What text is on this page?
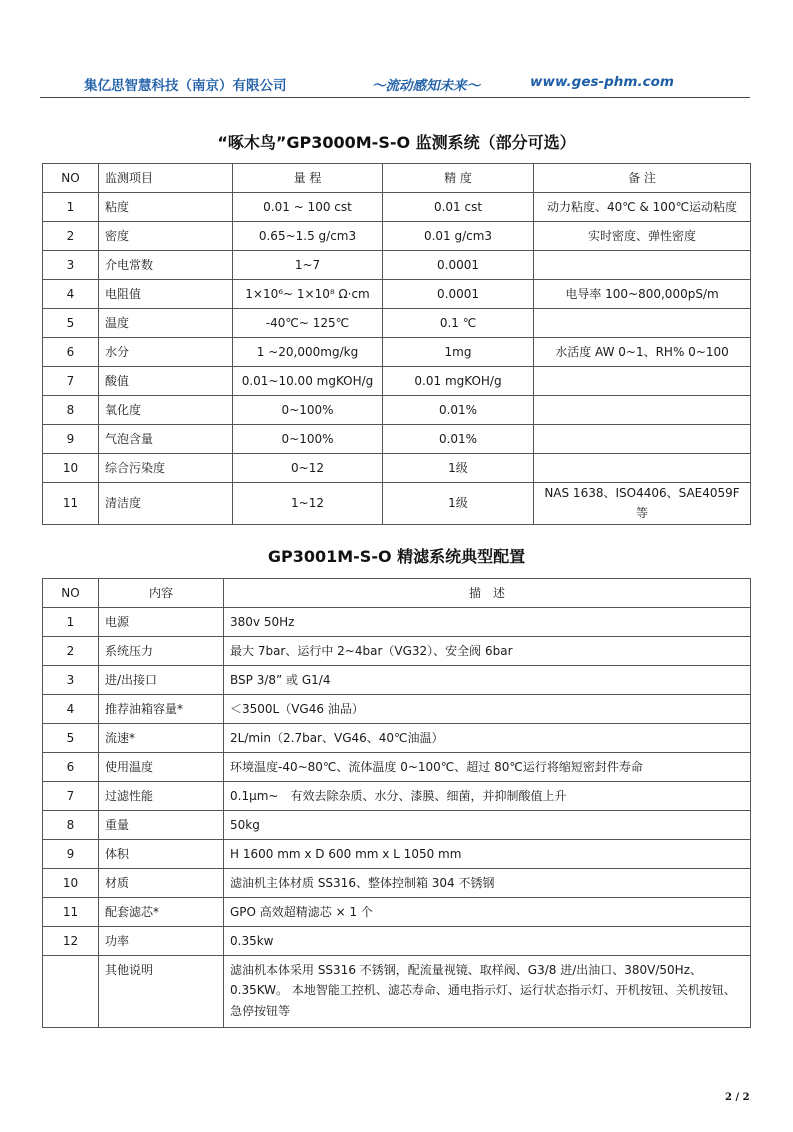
集亿思智慧科技（南京）有限公司	～流动感知未来～	www.ges-phm.com
“啄木鸟”GP3000M-S-O 监测系统（部分可选）
NO	监测项目	量 程	精 度	备 注
1	粘度	0.01 ~ 100 cst	0.01 cst	动力粘度、40℃ & 100℃运动粘度
2	密度	0.65~1.5 g/cm3	0.01 g/cm3	实时密度、弹性密度
3	介电常数	1~7	0.0001	
4	电阻值	1×10⁶~ 1×10⁸ Ω·cm	0.0001	电导率 100~800,000pS/m
5	温度	-40℃~ 125℃	0.1 ℃	
6	水分	1 ~20,000mg/kg	1mg	水活度 AW 0~1、RH% 0~100
7	酸值	0.01~10.00 mgKOH/g	0.01 mgKOH/g	
8	氧化度	0~100%	0.01%	
9	气泡含量	0~100%	0.01%	
10	综合污染度	0~12	1级	
11	清洁度	1~12	1级	NAS 1638、ISO4406、SAE4059F 等
GP3001M-S-O 精滤系统典型配置
NO	内容	描　述
1	电源	380v 50Hz
2	系统压力	最大 7bar、运行中 2~4bar（VG32）、安全阀 6bar
3	进/出接口	BSP 3/8” 或 G1/4
4	推荐油箱容量*	＜3500L（VG46 油品）
5	流速*	2L/min（2.7bar、VG46、40℃油温）
6	使用温度	环境温度-40~80℃、流体温度 0~100℃、超过 80℃运行将缩短密封件寿命
7	过滤性能	0.1μm~　有效去除杂质、水分、漆膜、细菌，并抑制酸值上升
8	重量	50kg
9	体积	H 1600 mm x D 600 mm x L 1050 mm
10	材质	滤油机主体材质 SS316、整体控制箱 304 不锈钢
11	配套滤芯*	GPO 高效超精滤芯 × 1 个
12	功率	0.35kw
	其他说明	滤油机本体采用 SS316 不锈钢，配流量视镜、取样阀、G3/8 进/出油口、380V/50Hz、0.35KW。 本地智能工控机、滤芯寿命、通电指示灯、运行状态指示灯、开机按钮、关机按钮、急停按钮等
2 / 2
